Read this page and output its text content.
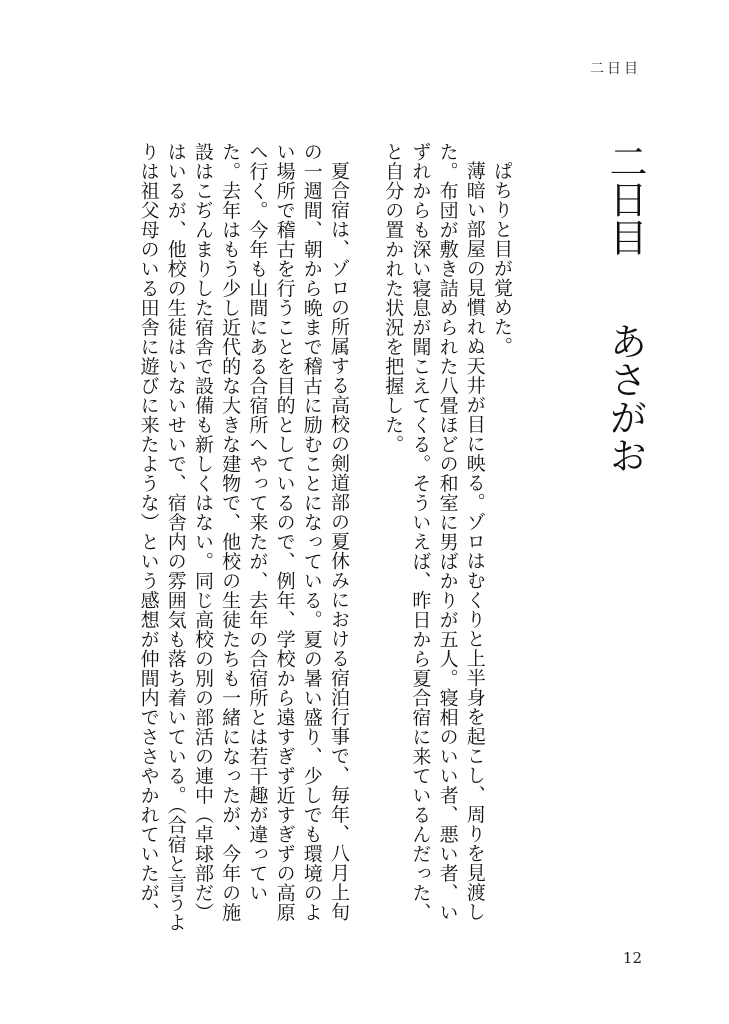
二日目
二日目あさがお

ぱちりと目が覚めた。

薄暗い部屋の見慣れぬ天井が目に映る。ゾロはむくりと上半身を起こし、周りを見渡した。布団が敷き詰められた八畳ほどの和室に男ばかりが五人。寝相のいい者、悪い者、いずれからも深い寝息が聞こえてくる。そういえば、昨日から夏合宿に来ているんだった、と自分の置かれた状況を把握した。

夏合宿は、ゾロの所属する高校の剣道部の夏休みにおける宿泊行事で、毎年、八月上旬の一週間、朝から晩まで稽古に励むことになっている。夏の暑い盛り、少しでも環境のよい場所で稽古を行うことを目的としているので、例年、学校から遠すぎず近すぎずの高原へ行く。今年も山間にある合宿所へやって来たが、去年の合宿所とは若干趣が違っていた。去年はもう少し近代的な大きな建物で、他校の生徒たちも一緒になったが、今年の施設はこぢんまりした宿舎で設備も新しくはない。同じ高校の別の部活の連中（卓球部だ）はいるが、他校の生徒はいないせいで、宿舎内の雰囲気も落ち着いている。（合宿と言うよりは祖父母のいる田舎に遊びに来たような）という感想が仲間内でささやかれていたが、

12
